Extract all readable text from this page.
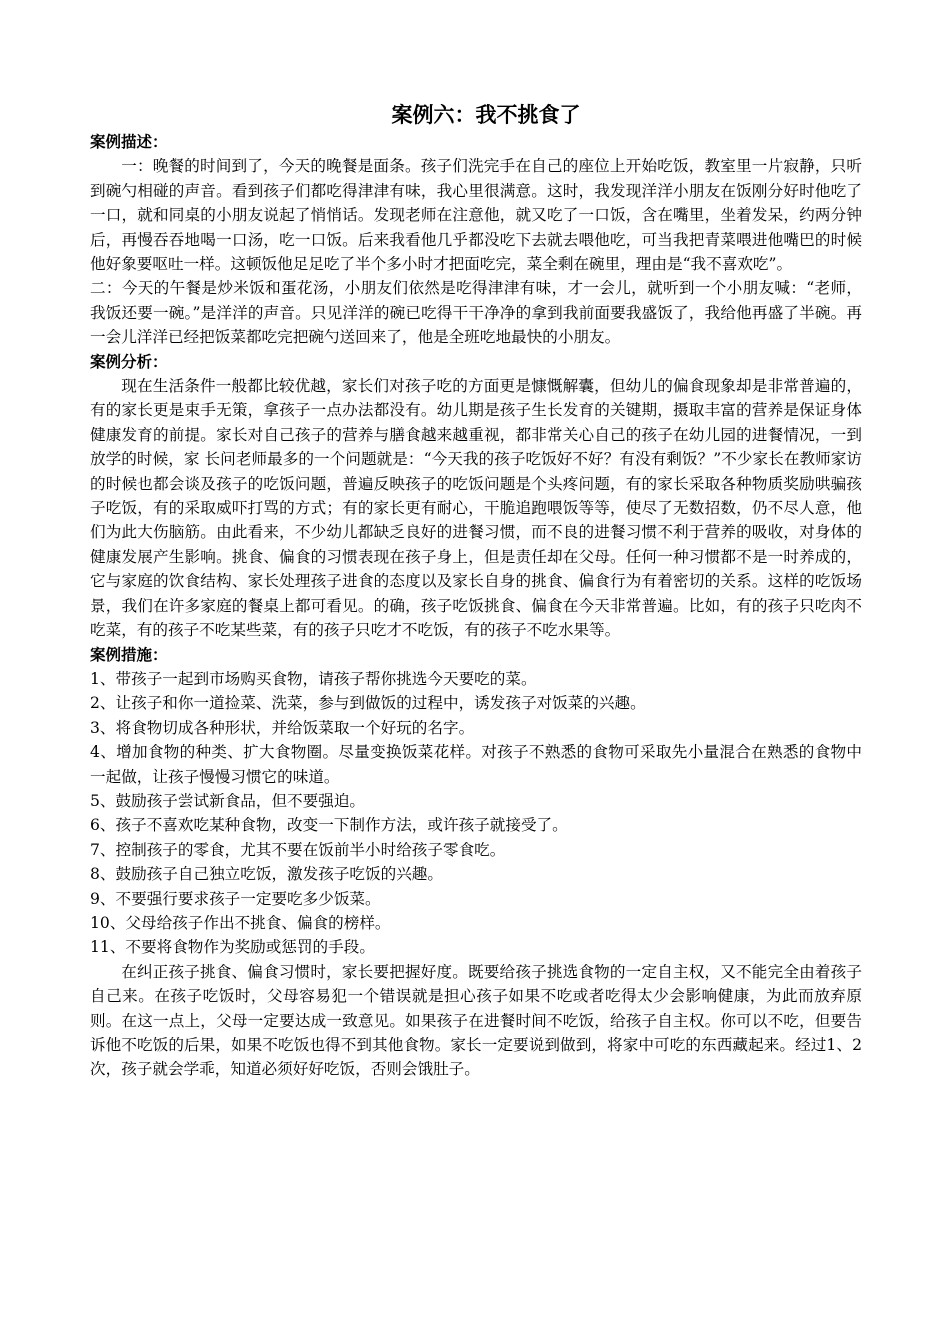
案例六：我不挑食了
案例描述：

一：晚餐的时间到了，今天的晚餐是面条。孩子们洗完手在自己的座位上开始吃饭，教室里一片寂静，只听到碗勺相碰的声音。看到孩子们都吃得津津有味，我心里很满意。这时，我发现洋洋小朋友在饭刚分好时他吃了一口，就和同桌的小朋友说起了悄悄话。发现老师在注意他，就又吃了一口饭，含在嘴里，坐着发呆，约两分钟后，再慢吞吞地喝一口汤，吃一口饭。后来我看他几乎都没吃下去就去喂他吃，可当我把青菜喂进他嘴巴的时候他好象要呕吐一样。这顿饭他足足吃了半个多小时才把面吃完，菜全剩在碗里，理由是“我不喜欢吃”。

二：今天的午餐是炒米饭和蛋花汤，小朋友们依然是吃得津津有味，才一会儿，就听到一个小朋友喊：“老师，我饭还要一碗。”是洋洋的声音。只见洋洋的碗已吃得干干净净的拿到我前面要我盛饭了，我给他再盛了半碗。再一会儿洋洋已经把饭菜都吃完把碗勺送回来了，他是全班吃地最快的小朋友。

案例分析：

现在生活条件一般都比较优越，家长们对孩子吃的方面更是慷慨解囊，但幼儿的偏食现象却是非常普遍的，有的家长更是束手无策，拿孩子一点办法都没有。幼儿期是孩子生长发育的关键期，摄取丰富的营养是保证身体健康发育的前提。家长对自己孩子的营养与膳食越来越重视，都非常关心自己的孩子在幼儿园的进餐情况，一到放学的时候，家 长问老师最多的一个问题就是：“今天我的孩子吃饭好不好？有没有剩饭？”不少家长在教师家访的时候也都会谈及孩子的吃饭问题，普遍反映孩子的吃饭问题是个头疼问题，有的家长采取各种物质奖励哄骗孩子吃饭，有的采取威吓打骂的方式；有的家长更有耐心，干脆追跑喂饭等等，使尽了无数招数，仍不尽人意，他们为此大伤脑筋。由此看来，不少幼儿都缺乏良好的进餐习惯，而不良的进餐习惯不利于营养的吸收，对身体的健康发展产生影响。挑食、偏食的习惯表现在孩子身上，但是责任却在父母。任何一种习惯都不是一时养成的，它与家庭的饮食结构、家长处理孩子进食的态度以及家长自身的挑食、偏食行为有着密切的关系。这样的吃饭场景，我们在许多家庭的餐桌上都可看见。的确，孩子吃饭挑食、偏食在今天非常普遍。比如，有的孩子只吃肉不吃菜，有的孩子不吃某些菜，有的孩子只吃才不吃饭，有的孩子不吃水果等。

案例措施：
1、带孩子一起到市场购买食物，请孩子帮你挑选今天要吃的菜。
2、让孩子和你一道捡菜、洗菜，参与到做饭的过程中，诱发孩子对饭菜的兴趣。
3、将食物切成各种形状，并给饭菜取一个好玩的名字。
4、增加食物的种类、扩大食物圈。尽量变换饭菜花样。对孩子不熟悉的食物可采取先小量混合在熟悉的食物中一起做，让孩子慢慢习惯它的味道。
5、鼓励孩子尝试新食品，但不要强迫。
6、孩子不喜欢吃某种食物，改变一下制作方法，或许孩子就接受了。
7、控制孩子的零食，尤其不要在饭前半小时给孩子零食吃。
8、鼓励孩子自己独立吃饭，激发孩子吃饭的兴趣。
9、不要强行要求孩子一定要吃多少饭菜。
10、父母给孩子作出不挑食、偏食的榜样。
11、不要将食物作为奖励或惩罚的手段。

在纠正孩子挑食、偏食习惯时，家长要把握好度。既要给孩子挑选食物的一定自主权，又不能完全由着孩子自己来。在孩子吃饭时，父母容易犯一个错误就是担心孩子如果不吃或者吃得太少会影响健康，为此而放弃原则。在这一点上，父母一定要达成一致意见。如果孩子在进餐时间不吃饭，给孩子自主权。你可以不吃，但要告诉他不吃饭的后果，如果不吃饭也得不到其他食物。家长一定要说到做到，将家中可吃的东西藏起来。经过1、2次，孩子就会学乖，知道必须好好吃饭，否则会饿肚子。
